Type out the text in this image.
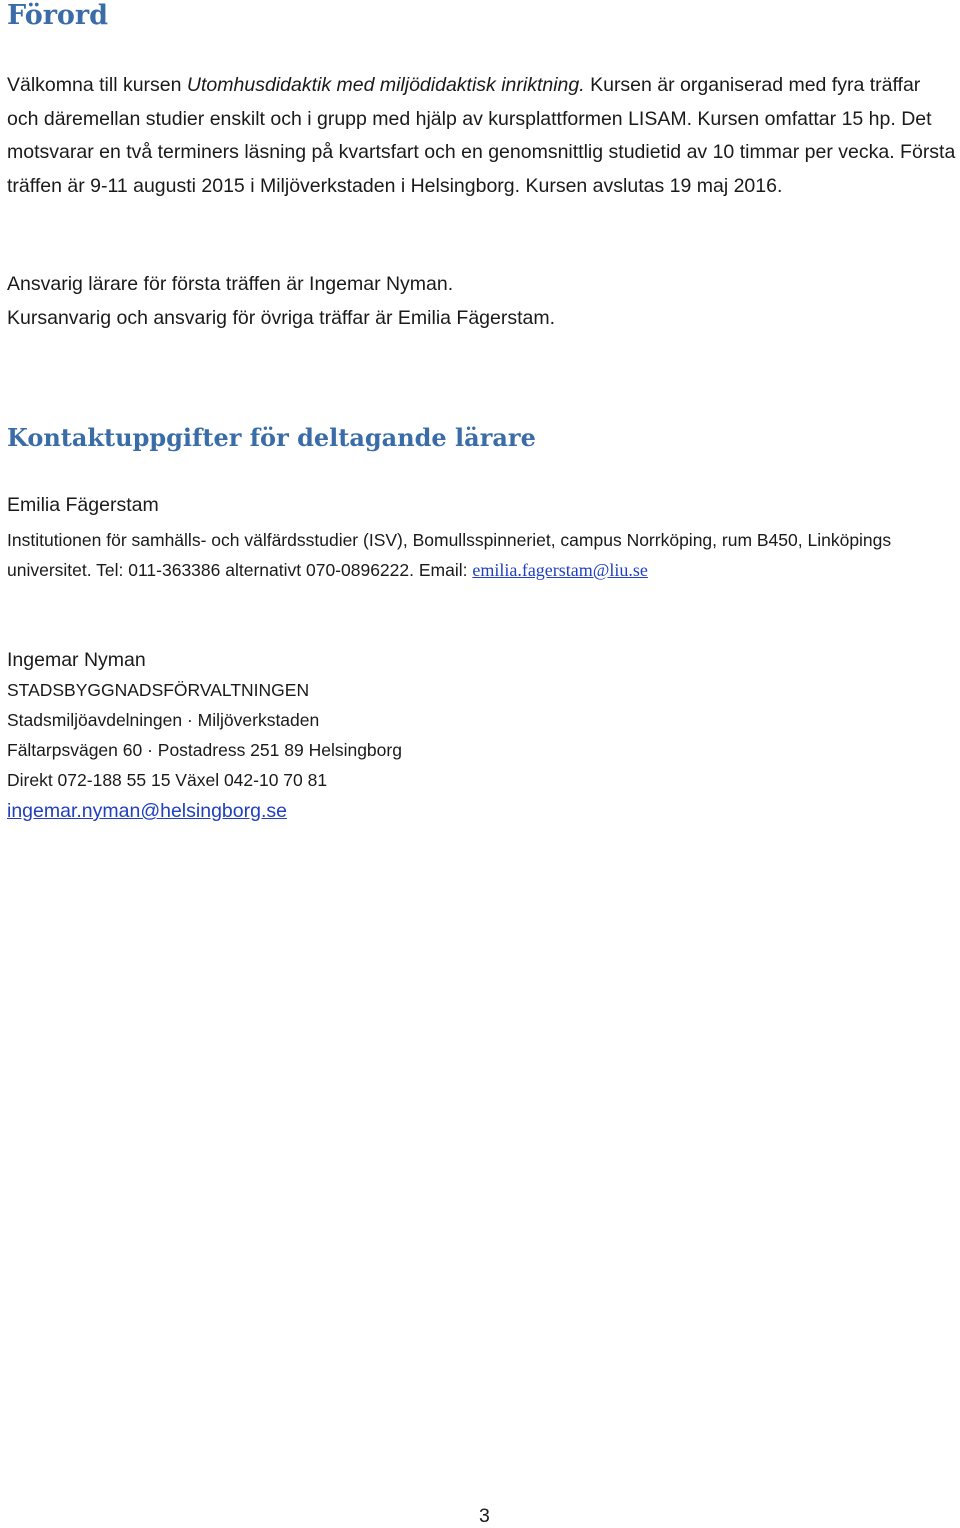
Förord

Välkomna till kursen Utomhusdidaktik med miljödidaktisk inriktning. Kursen är organiserad med fyra träffar och däremellan studier enskilt och i grupp med hjälp av kursplattformen LISAM. Kursen omfattar 15 hp. Det motsvarar en två terminers läsning på kvartsfart och en genomsnittlig studietid av 10 timmar per vecka. Första träffen är 9-11 augusti 2015 i Miljöverkstaden i Helsingborg. Kursen avslutas 19 maj 2016.

Ansvarig lärare för första träffen är Ingemar Nyman.
Kursanvarig och ansvarig för övriga träffar är Emilia Fägerstam.

Kontaktuppgifter för deltagande lärare

Emilia Fägerstam

Institutionen för samhälls- och välfärdsstudier (ISV), Bomullsspinneriet, campus Norrköping, rum B450, Linköpings universitet. Tel: 011-363386 alternativt 070-0896222. Email: emilia.fagerstam@liu.se

Ingemar Nyman

STADSBYGGNADSFÖRVALTNINGEN

Stadsmiljöavdelningen · Miljöverkstaden

Fältarpsvägen 60 · Postadress 251 89 Helsingborg

Direkt 072-188 55 15 Växel 042-10 70 81

ingemar.nyman@helsingborg.se

3
